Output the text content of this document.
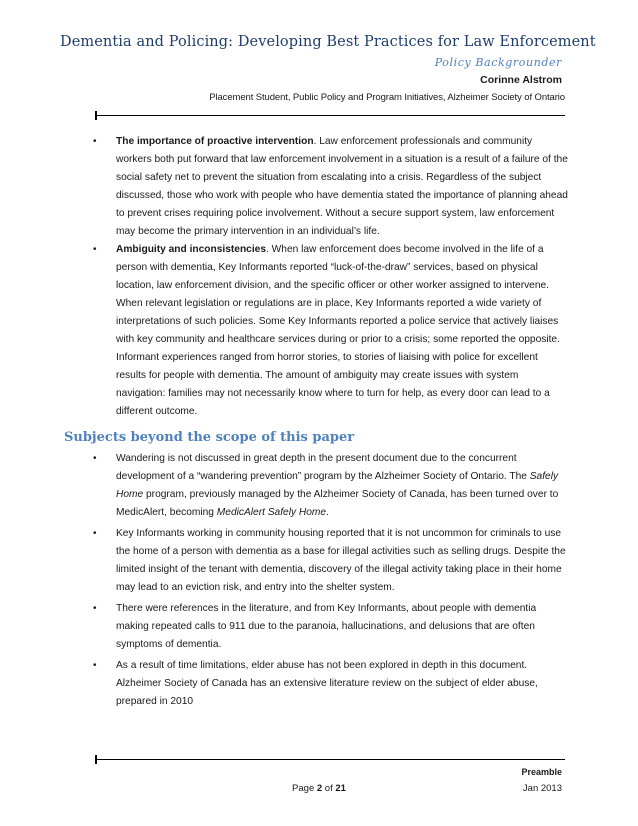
Dementia and Policing: Developing Best Practices for Law Enforcement
Policy Backgrounder
Corinne Alstrom
Placement Student, Public Policy and Program Initiatives, Alzheimer Society of Ontario
• The importance of proactive intervention. Law enforcement professionals and community workers both put forward that law enforcement involvement in a situation is a result of a failure of the social safety net to prevent the situation from escalating into a crisis. Regardless of the subject discussed, those who work with people who have dementia stated the importance of planning ahead to prevent crises requiring police involvement. Without a secure support system, law enforcement may become the primary intervention in an individual’s life.
• Ambiguity and inconsistencies. When law enforcement does become involved in the life of a person with dementia, Key Informants reported “luck-of-the-draw” services, based on physical location, law enforcement division, and the specific officer or other worker assigned to intervene. When relevant legislation or regulations are in place, Key Informants reported a wide variety of interpretations of such policies. Some Key Informants reported a police service that actively liaises with key community and healthcare services during or prior to a crisis; some reported the opposite. Informant experiences ranged from horror stories, to stories of liaising with police for excellent results for people with dementia. The amount of ambiguity may create issues with system navigation: families may not necessarily know where to turn for help, as every door can lead to a different outcome.
Subjects beyond the scope of this paper
• Wandering is not discussed in great depth in the present document due to the concurrent development of a “wandering prevention” program by the Alzheimer Society of Ontario. The Safely Home program, previously managed by the Alzheimer Society of Canada, has been turned over to MedicAlert, becoming MedicAlert Safely Home.
• Key Informants working in community housing reported that it is not uncommon for criminals to use the home of a person with dementia as a base for illegal activities such as selling drugs. Despite the limited insight of the tenant with dementia, discovery of the illegal activity taking place in their home may lead to an eviction risk, and entry into the shelter system.
• There were references in the literature, and from Key Informants, about people with dementia making repeated calls to 911 due to the paranoia, hallucinations, and delusions that are often symptoms of dementia.
• As a result of time limitations, elder abuse has not been explored in depth in this document. Alzheimer Society of Canada has an extensive literature review on the subject of elder abuse, prepared in 2010
Preamble
Page 2 of 21	Jan 2013
